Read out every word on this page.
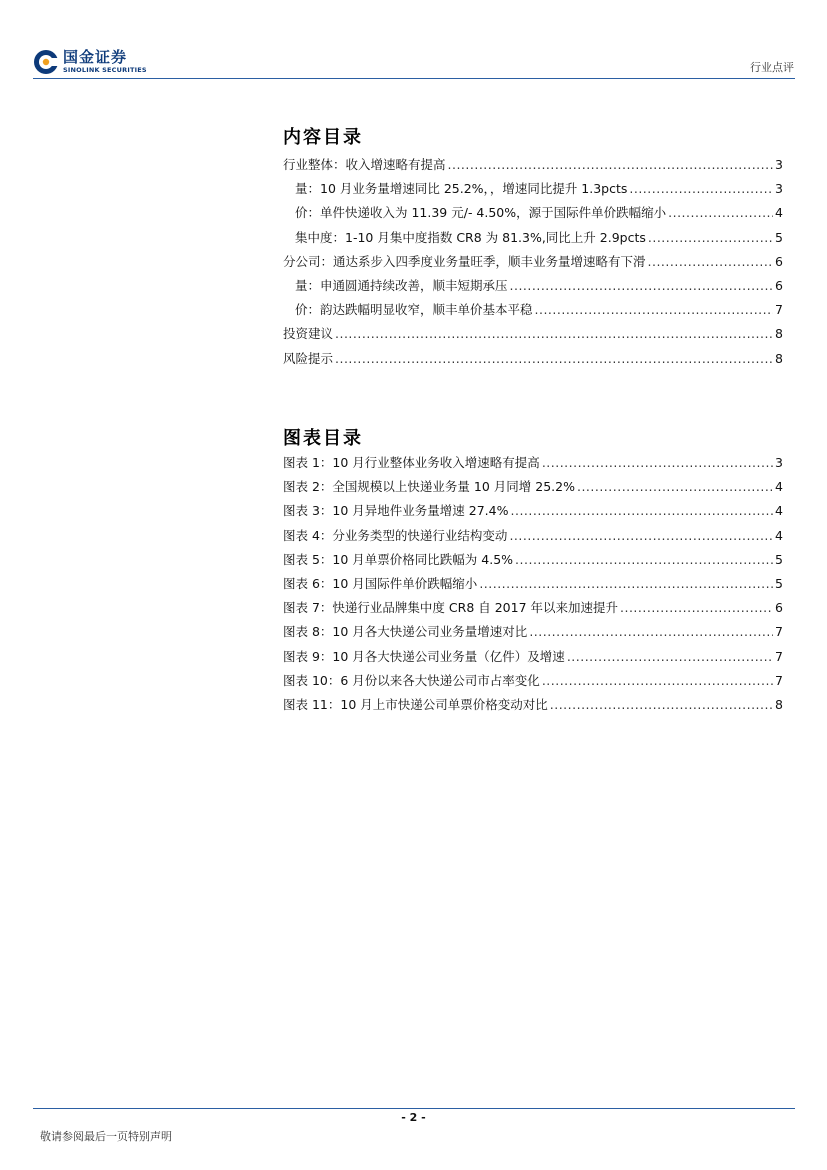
国金证券
SINOLINK SECURITIES	行业点评
内容目录
行业整体：收入增速略有提高 .....	3
量：10 月业务量增速同比 25.2%，，增速同比提升 1.3pcts .....	3
价：单件快递收入为 11.39 元/- 4.50%，源于国际件单价跌幅缩小 .....	4
集中度：1-10 月集中度指数 CR8 为 81.3%,同比上升 2.9pcts .....	5
分公司：通达系步入四季度业务量旺季，顺丰业务量增速略有下滑 .....	6
量：申通圆通持续改善，顺丰短期承压 .....	6
价：韵达跌幅明显收窄，顺丰单价基本平稳 .....	7
投资建议 .....	8
风险提示 .....	8
图表目录
图表 1：10 月行业整体业务收入增速略有提高 .....	3
图表 2：全国规模以上快递业务量 10 月同增 25.2% .....	4
图表 3：10 月异地件业务量增速 27.4% .....	4
图表 4：分业务类型的快递行业结构变动 .....	4
图表 5：10 月单票价格同比跌幅为 4.5% .....	5
图表 6：10 月国际件单价跌幅缩小 .....	5
图表 7：快递行业品牌集中度 CR8 自 2017 年以来加速提升 .....	6
图表 8：10 月各大快递公司业务量增速对比 .....	7
图表 9：10 月各大快递公司业务量（亿件）及增速 .....	7
图表 10：6 月份以来各大快递公司市占率变化 .....	7
图表 11：10 月上市快递公司单票价格变动对比 .....	8
- 2 -
敬请参阅最后一页特别声明
